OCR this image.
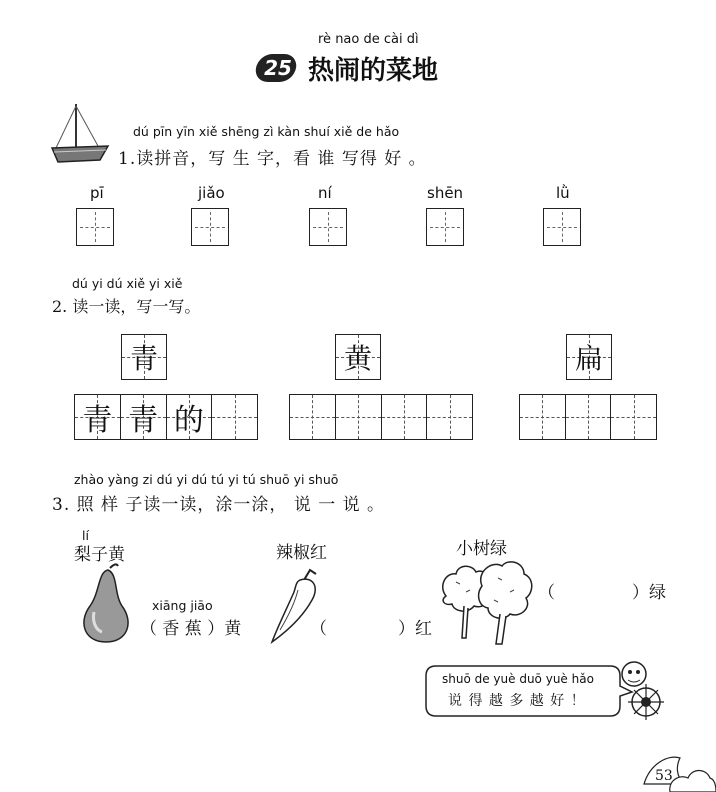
rè nao de cài dì
25 热闹的菜地
dú pīn yīn xiě shēng zì kàn shuí xiě de hǎo
1.读拼音，写 生 字，看 谁 写得 好 。
pī	jiǎo	ní	shēn	lǜ
dú yi dú xiě yi xiě
2. 读一读，写一写。
青	黄	扁
青 青 的
zhào yàng zi dú yi dú tú yi tú shuō yi shuō
3. 照 样 子读一读，涂一涂， 说 一 说 。
lí
梨子黄
xiāng jiāo
（ 香 蕉 ）黄
辣椒红
（	）红
小树绿
（	）绿
shuō de yuè duō yuè hǎo
说 得 越 多 越 好 ！
53
